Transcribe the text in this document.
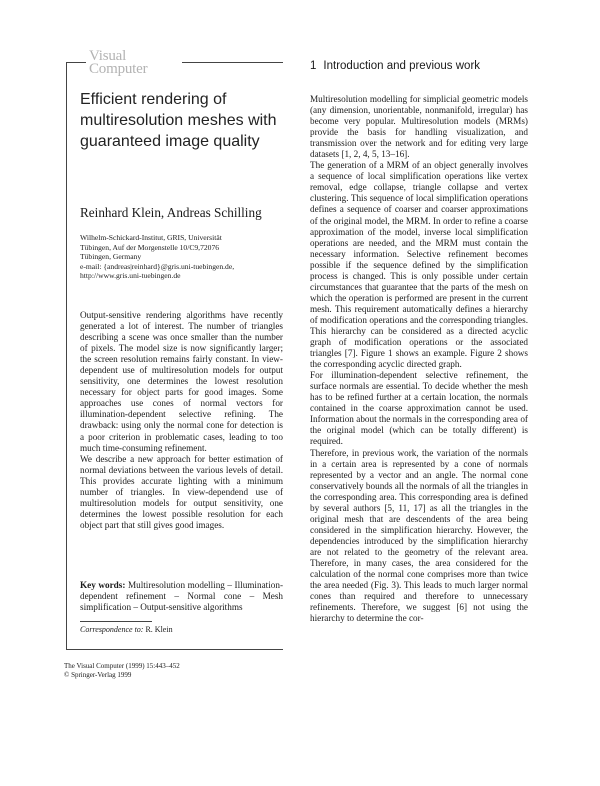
Visual
Computer
Efficient rendering of multiresolution meshes with guaranteed image quality
Reinhard Klein, Andreas Schilling
Wilhelm-Schickard-Institut, GRIS, Universität
Tübingen, Auf der Morgenstelle 10/C9,72076
Tübingen, Germany
e-mail: {andreas|reinhard}@gris.uni-tuebingen.de,
http://www.gris.uni-tuebingen.de

Output-sensitive rendering algorithms have recently generated a lot of interest. The number of triangles describing a scene was once smaller than the number of pixels. The model size is now significantly larger; the screen resolution remains fairly constant. In view-dependent use of multiresolution models for output sensitivity, one determines the lowest resolution necessary for object parts for good images. Some approaches use cones of normal vectors for illumination-dependent selective refining. The drawback: using only the normal cone for detection is a poor criterion in problematic cases, leading to too much time-consuming refinement.

We describe a new approach for better estimation of normal deviations between the various levels of detail. This provides accurate lighting with a minimum number of triangles. In view-dependend use of multiresolution models for output sensitivity, one determines the lowest possible resolution for each object part that still gives good images.

Key words: Multiresolution modelling – Illumination-dependent refinement – Normal cone – Mesh simplification – Output-sensitive algorithms
Correspondence to: R. Klein
The Visual Computer (1999) 15:443–452
© Springer-Verlag 1999
1 Introduction and previous work

Multiresolution modelling for simplicial geometric models (any dimension, unorientable, nonmanifold, irregular) has become very popular. Multiresolution models (MRMs) provide the basis for handling visualization, and transmission over the network and for editing very large datasets [1, 2, 4, 5, 13–16].

The generation of a MRM of an object generally involves a sequence of local simplification operations like vertex removal, edge collapse, triangle collapse and vertex clustering. This sequence of local simplification operations defines a sequence of coarser and coarser approximations of the original model, the MRM. In order to refine a coarse approximation of the model, inverse local simplification operations are needed, and the MRM must contain the necessary information. Selective refinement becomes possible if the sequence defined by the simplification process is changed. This is only possible under certain circumstances that guarantee that the parts of the mesh on which the operation is performed are present in the current mesh. This requirement automatically defines a hierarchy of modification operations and the corresponding triangles. This hierarchy can be considered as a directed acyclic graph of modification operations or the associated triangles [7]. Figure 1 shows an example. Figure 2 shows the corresponding acyclic directed graph.

For illumination-dependent selective refinement, the surface normals are essential. To decide whether the mesh has to be refined further at a certain location, the normals contained in the coarse approximation cannot be used. Information about the normals in the corresponding area of the original model (which can be totally different) is required.

Therefore, in previous work, the variation of the normals in a certain area is represented by a cone of normals represented by a vector and an angle. The normal cone conservatively bounds all the normals of all the triangles in the corresponding area. This corresponding area is defined by several authors [5, 11, 17] as all the triangles in the original mesh that are descendents of the area being considered in the simplification hierarchy. However, the dependencies introduced by the simplification hierarchy are not related to the geometry of the relevant area. Therefore, in many cases, the area considered for the calculation of the normal cone comprises more than twice the area needed (Fig. 3). This leads to much larger normal cones than required and therefore to unnecessary refinements. Therefore, we suggest [6] not using the hierarchy to determine the cor-
